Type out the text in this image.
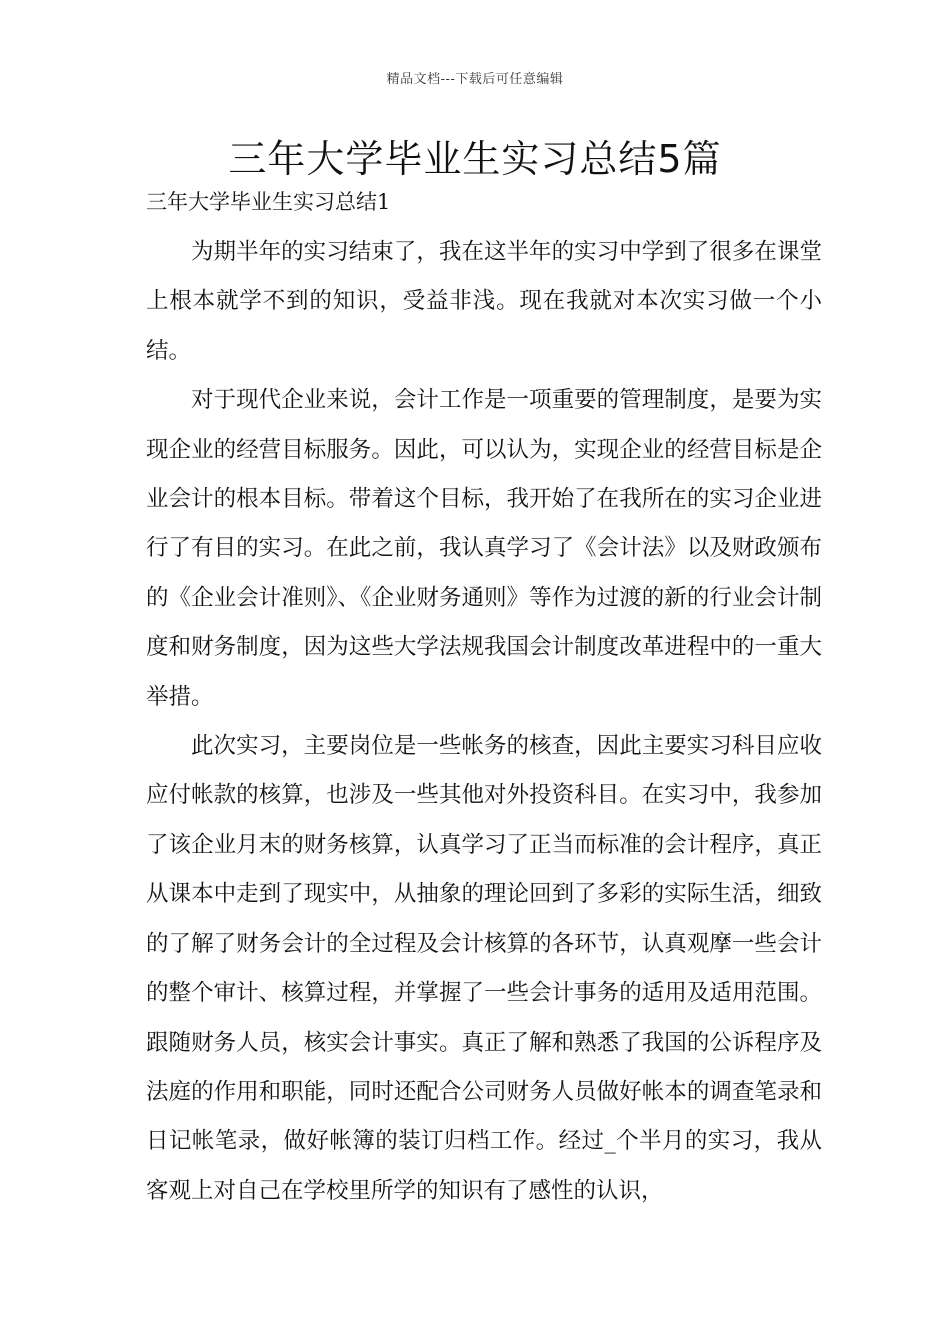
精品文档---下载后可任意编辑
三年大学毕业生实习总结5篇
三年大学毕业生实习总结1

为期半年的实习结束了，我在这半年的实习中学到了很多在课堂上根本就学不到的知识，受益非浅。现在我就对本次实习做一个小结。

对于现代企业来说，会计工作是一项重要的管理制度，是要为实现企业的经营目标服务。因此，可以认为，实现企业的经营目标是企业会计的根本目标。带着这个目标，我开始了在我所在的实习企业进行了有目的实习。在此之前，我认真学习了《会计法》以及财政颁布的《企业会计准则》、《企业财务通则》等作为过渡的新的行业会计制度和财务制度，因为这些大学法规我国会计制度改革进程中的一重大举措。

此次实习，主要岗位是一些帐务的核查，因此主要实习科目应收应付帐款的核算，也涉及一些其他对外投资科目。在实习中，我参加了该企业月末的财务核算，认真学习了正当而标准的会计程序，真正从课本中走到了现实中，从抽象的理论回到了多彩的实际生活，细致的了解了财务会计的全过程及会计核算的各环节，认真观摩一些会计的整个审计、核算过程，并掌握了一些会计事务的适用及适用范围。跟随财务人员，核实会计事实。真正了解和熟悉了我国的公诉程序及法庭的作用和职能，同时还配合公司财务人员做好帐本的调查笔录和日记帐笔录，做好帐簿的装订归档工作。经过_个半月的实习，我从客观上对自己在学校里所学的知识有了感性的认识，
